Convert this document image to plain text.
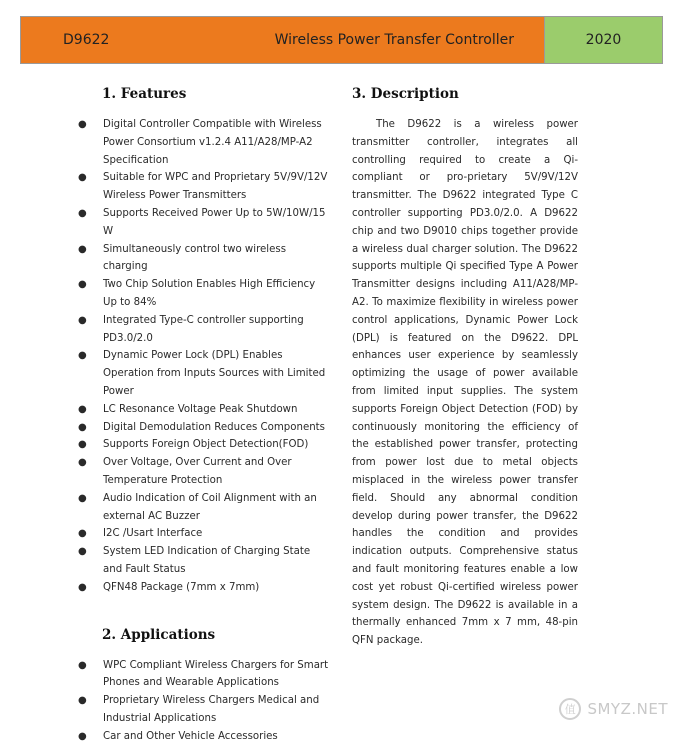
D9622	Wireless Power Transfer Controller	2020
1. Features
● Digital Controller Compatible with Wireless Power Consortium v1.2.4 A11/A28/MP-A2 Specification
● Suitable for WPC and Proprietary 5V/9V/12V Wireless Power Transmitters
● Supports Received Power Up to 5W/10W/15 W
● Simultaneously control two wireless charging
● Two Chip Solution Enables High Efficiency Up to 84%
● Integrated Type-C controller supporting PD3.0/2.0
● Dynamic Power Lock (DPL) Enables Operation from Inputs Sources with Limited Power
● LC Resonance Voltage Peak Shutdown
● Digital Demodulation Reduces Components
● Supports Foreign Object Detection(FOD)
● Over Voltage, Over Current and Over Temperature Protection
● Audio Indication of Coil Alignment with an external AC Buzzer
● I2C /Usart Interface
● System LED Indication of Charging State and Fault Status
● QFN48 Package (7mm x 7mm)
2. Applications
● WPC Compliant Wireless Chargers for Smart Phones and Wearable Applications
● Proprietary Wireless Chargers Medical and Industrial Applications
● Car and Other Vehicle Accessories
3. Description

The D9622 is a wireless power transmitter controller, integrates all controlling required to create a Qi-compliant or pro-prietary 5V/9V/12V transmitter. The D9622 integrated Type C controller supporting PD3.0/2.0. A D9622 chip and two D9010 chips together provide a wireless dual charger solution. The D9622 supports multiple Qi specified Type A Power Transmitter designs including A11/A28/MP-A2. To maximize flexibility in wireless power control applications, Dynamic Power Lock (DPL) is featured on the D9622. DPL enhances user experience by seamlessly optimizing the usage of power available from limited input supplies. The system supports Foreign Object Detection (FOD) by continuously monitoring the efficiency of the established power transfer, protecting from power lost due to metal objects misplaced in the wireless power transfer field. Should any abnormal condition develop during power transfer, the D9622 handles the condition and provides indication outputs. Comprehensive status and fault monitoring features enable a low cost yet robust Qi-certified wireless power system design. The D9622 is available in a thermally enhanced 7mm x 7 mm, 48-pin QFN package.

值 SMYZ.NET
